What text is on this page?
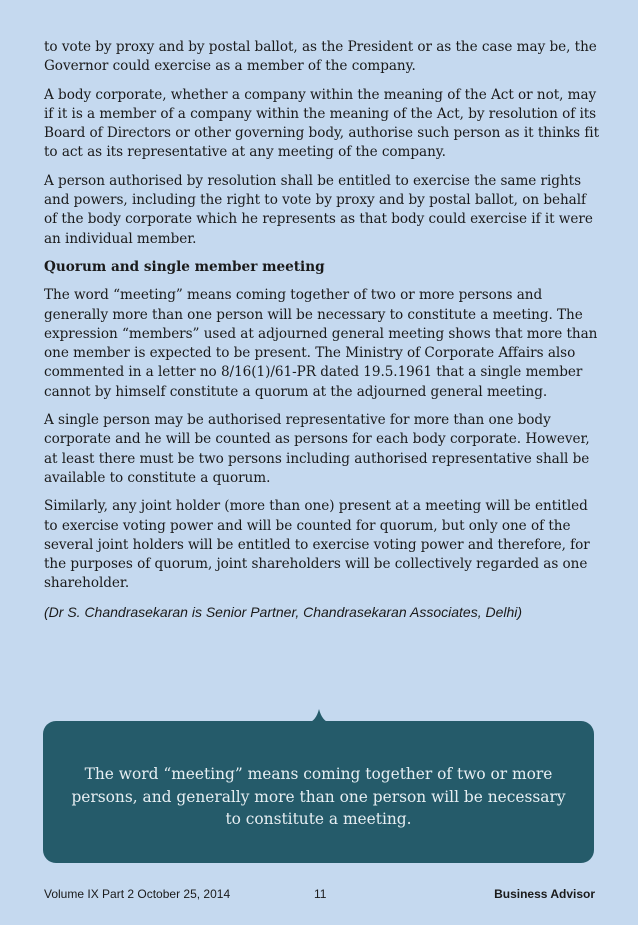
to vote by proxy and by postal ballot, as the President or as the case may be, the Governor could exercise as a member of the company.

A body corporate, whether a company within the meaning of the Act or not, may if it is a member of a company within the meaning of the Act, by resolution of its Board of Directors or other governing body, authorise such person as it thinks fit to act as its representative at any meeting of the company.

A person authorised by resolution shall be entitled to exercise the same rights and powers, including the right to vote by proxy and by postal ballot, on behalf of the body corporate which he represents as that body could exercise if it were an individual member.

Quorum and single member meeting

The word “meeting” means coming together of two or more persons and generally more than one person will be necessary to constitute a meeting. The expression “members” used at adjourned general meeting shows that more than one member is expected to be present. The Ministry of Corporate Affairs also commented in a letter no 8/16(1)/61-PR dated 19.5.1961 that a single member cannot by himself constitute a quorum at the adjourned general meeting.

A single person may be authorised representative for more than one body corporate and he will be counted as persons for each body corporate. However, at least there must be two persons including authorised representative shall be available to constitute a quorum.

Similarly, any joint holder (more than one) present at a meeting will be entitled to exercise voting power and will be counted for quorum, but only one of the several joint holders will be entitled to exercise voting power and therefore, for the purposes of quorum, joint shareholders will be collectively regarded as one shareholder.

(Dr S. Chandrasekaran is Senior Partner, Chandrasekaran Associates, Delhi)

The word “meeting” means coming together of two or more persons, and generally more than one person will be necessary to constitute a meeting.
Volume IX Part 2 October 25, 2014	11	Business Advisor
